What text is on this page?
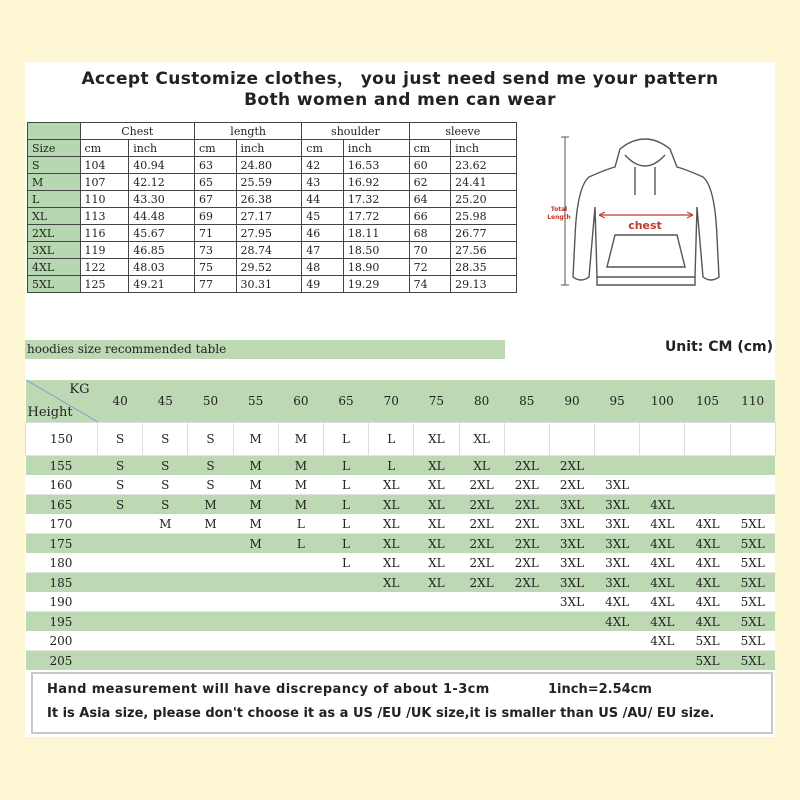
Accept Customize clothes， you just need send me your pattern
Both women and men can wear
	Chest		length		shoulder		sleeve	
Size	cm	inch	cm	inch	cm	inch	cm	inch
S	104	40.94	63	24.80	42	16.53	60	23.62
M	107	42.12	65	25.59	43	16.92	62	24.41
L	110	43.30	67	26.38	44	17.32	64	25.20
XL	113	44.48	69	27.17	45	17.72	66	25.98
2XL	116	45.67	71	27.95	46	18.11	68	26.77
3XL	119	46.85	73	28.74	47	18.50	70	27.56
4XL	122	48.03	75	29.52	48	18.90	72	28.35
5XL	125	49.21	77	30.31	49	19.29	74	29.13
chest
Total
Length
hoodies size recommended table	Unit: CM (cm)
KG
Height	40	45	50	55	60	65	70	75	80	85	90	95	100	105	110
150	S	S	S	M	M	L	L	XL	XL						
155	S	S	S	M	M	L	L	XL	XL	2XL	2XL				
160	S	S	S	M	M	L	XL	XL	2XL	2XL	2XL	3XL			
165	S	S	M	M	M	L	XL	XL	2XL	2XL	3XL	3XL	4XL		
170		M	M	M	L	L	XL	XL	2XL	2XL	3XL	3XL	4XL	4XL	5XL
175				M	L	L	XL	XL	2XL	2XL	3XL	3XL	4XL	4XL	5XL
180						L	XL	XL	2XL	2XL	3XL	3XL	4XL	4XL	5XL
185							XL	XL	2XL	2XL	3XL	3XL	4XL	4XL	5XL
190											3XL	4XL	4XL	4XL	5XL
195												4XL	4XL	4XL	5XL
200													4XL	5XL	5XL
205														5XL	5XL
Hand measurement will have discrepancy of about 1-3cm	1inch=2.54cm
It is Asia size, please don't choose it as a US /EU /UK size,it is smaller than US /AU/ EU size.
